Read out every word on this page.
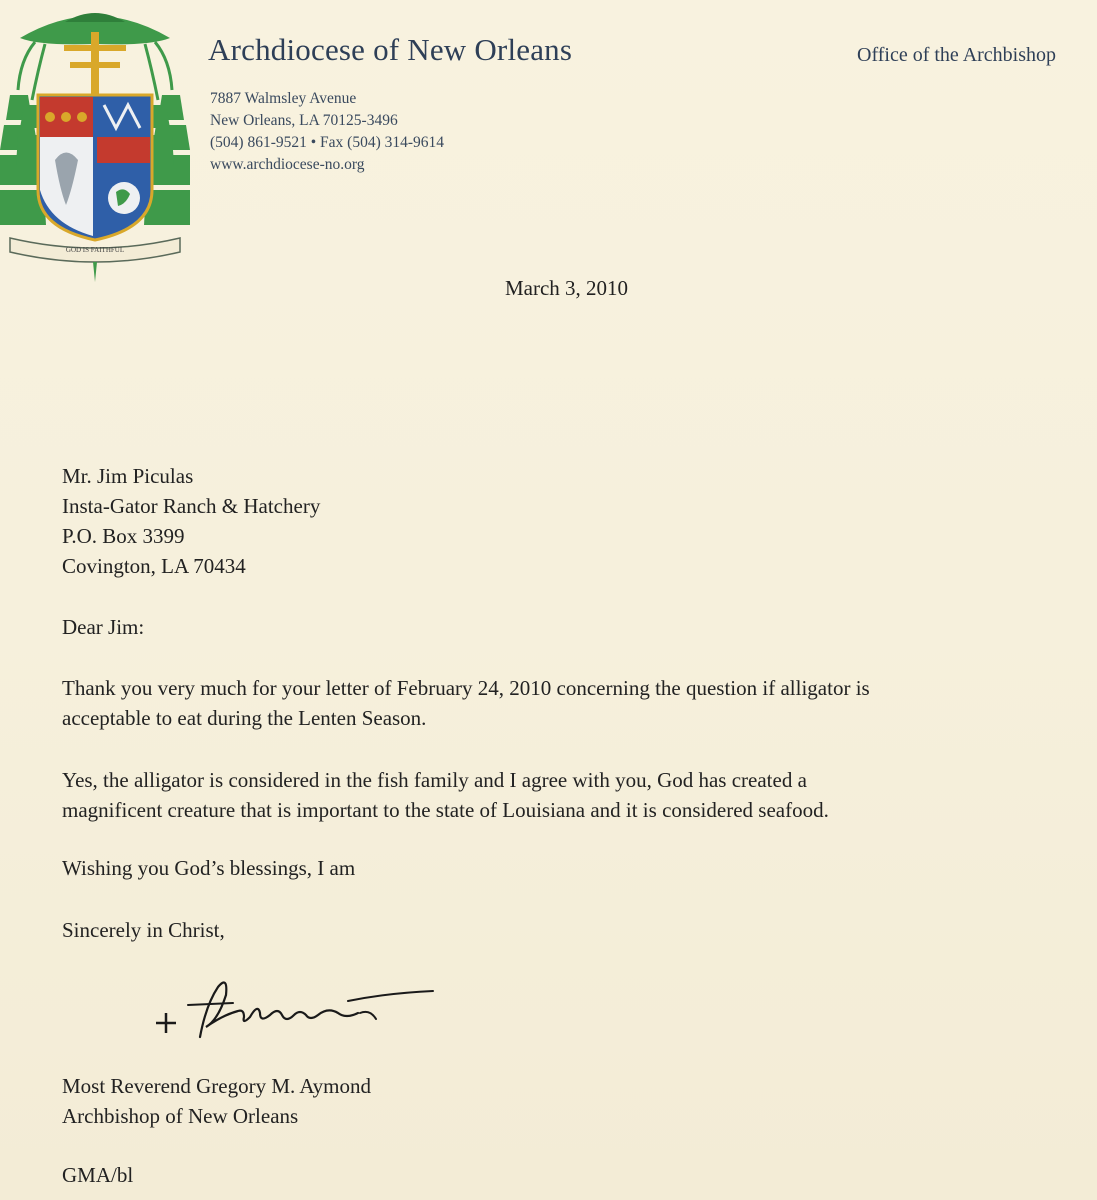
GOD IS FAITHFUL
Archdiocese of New Orleans	Office of the Archbishop
7887 Walmsley Avenue
New Orleans, LA 70125-3496
(504) 861-9521 • Fax (504) 314-9614
www.archdiocese-no.org
March 3, 2010
Mr. Jim Piculas
Insta-Gator Ranch & Hatchery
P.O. Box 3399
Covington, LA 70434
Dear Jim:
Thank you very much for your letter of February 24, 2010 concerning the question if alligator is
acceptable to eat during the Lenten Season.
Yes, the alligator is considered in the fish family and I agree with you, God has created a
magnificent creature that is important to the state of Louisiana and it is considered seafood.
Wishing you God’s blessings, I am
Sincerely in Christ,
Most Reverend Gregory M. Aymond
Archbishop of New Orleans
GMA/bl
